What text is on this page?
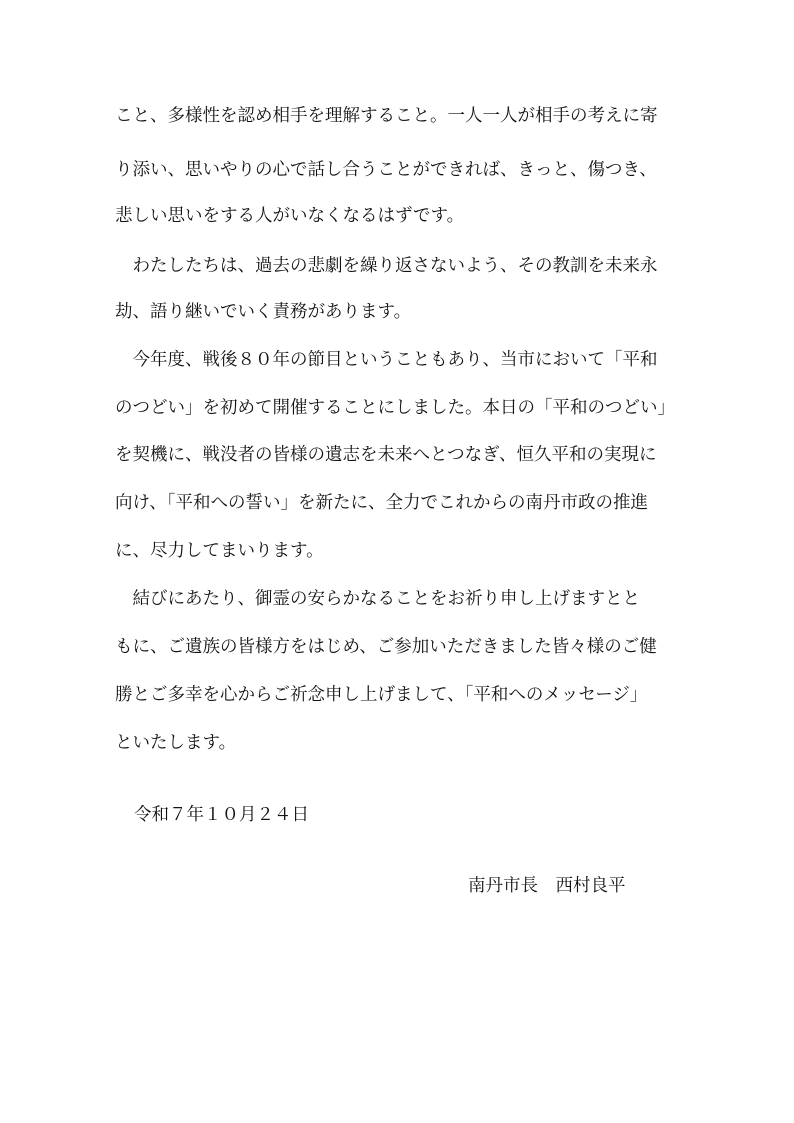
こと、多様性を認め相手を理解すること。一人一人が相手の考えに寄
り添い、思いやりの心で話し合うことができれば、きっと、傷つき、
悲しい思いをする人がいなくなるはずです。
　わたしたちは、過去の悲劇を繰り返さないよう、その教訓を未来永
劫、語り継いでいく責務があります。
　今年度、戦後８０年の節目ということもあり、当市において「平和
のつどい」を初めて開催することにしました。本日の「平和のつどい」
を契機に、戦没者の皆様の遺志を未来へとつなぎ、恒久平和の実現に
向け、「平和への誓い」を新たに、全力でこれからの南丹市政の推進
に、尽力してまいります。
　結びにあたり、御霊の安らかなることをお祈り申し上げますとと
もに、ご遺族の皆様方をはじめ、ご参加いただきました皆々様のご健
勝とご多幸を心からご祈念申し上げまして、「平和へのメッセージ」
といたします。
令和７年１０月２４日
南丹市長　西村良平
